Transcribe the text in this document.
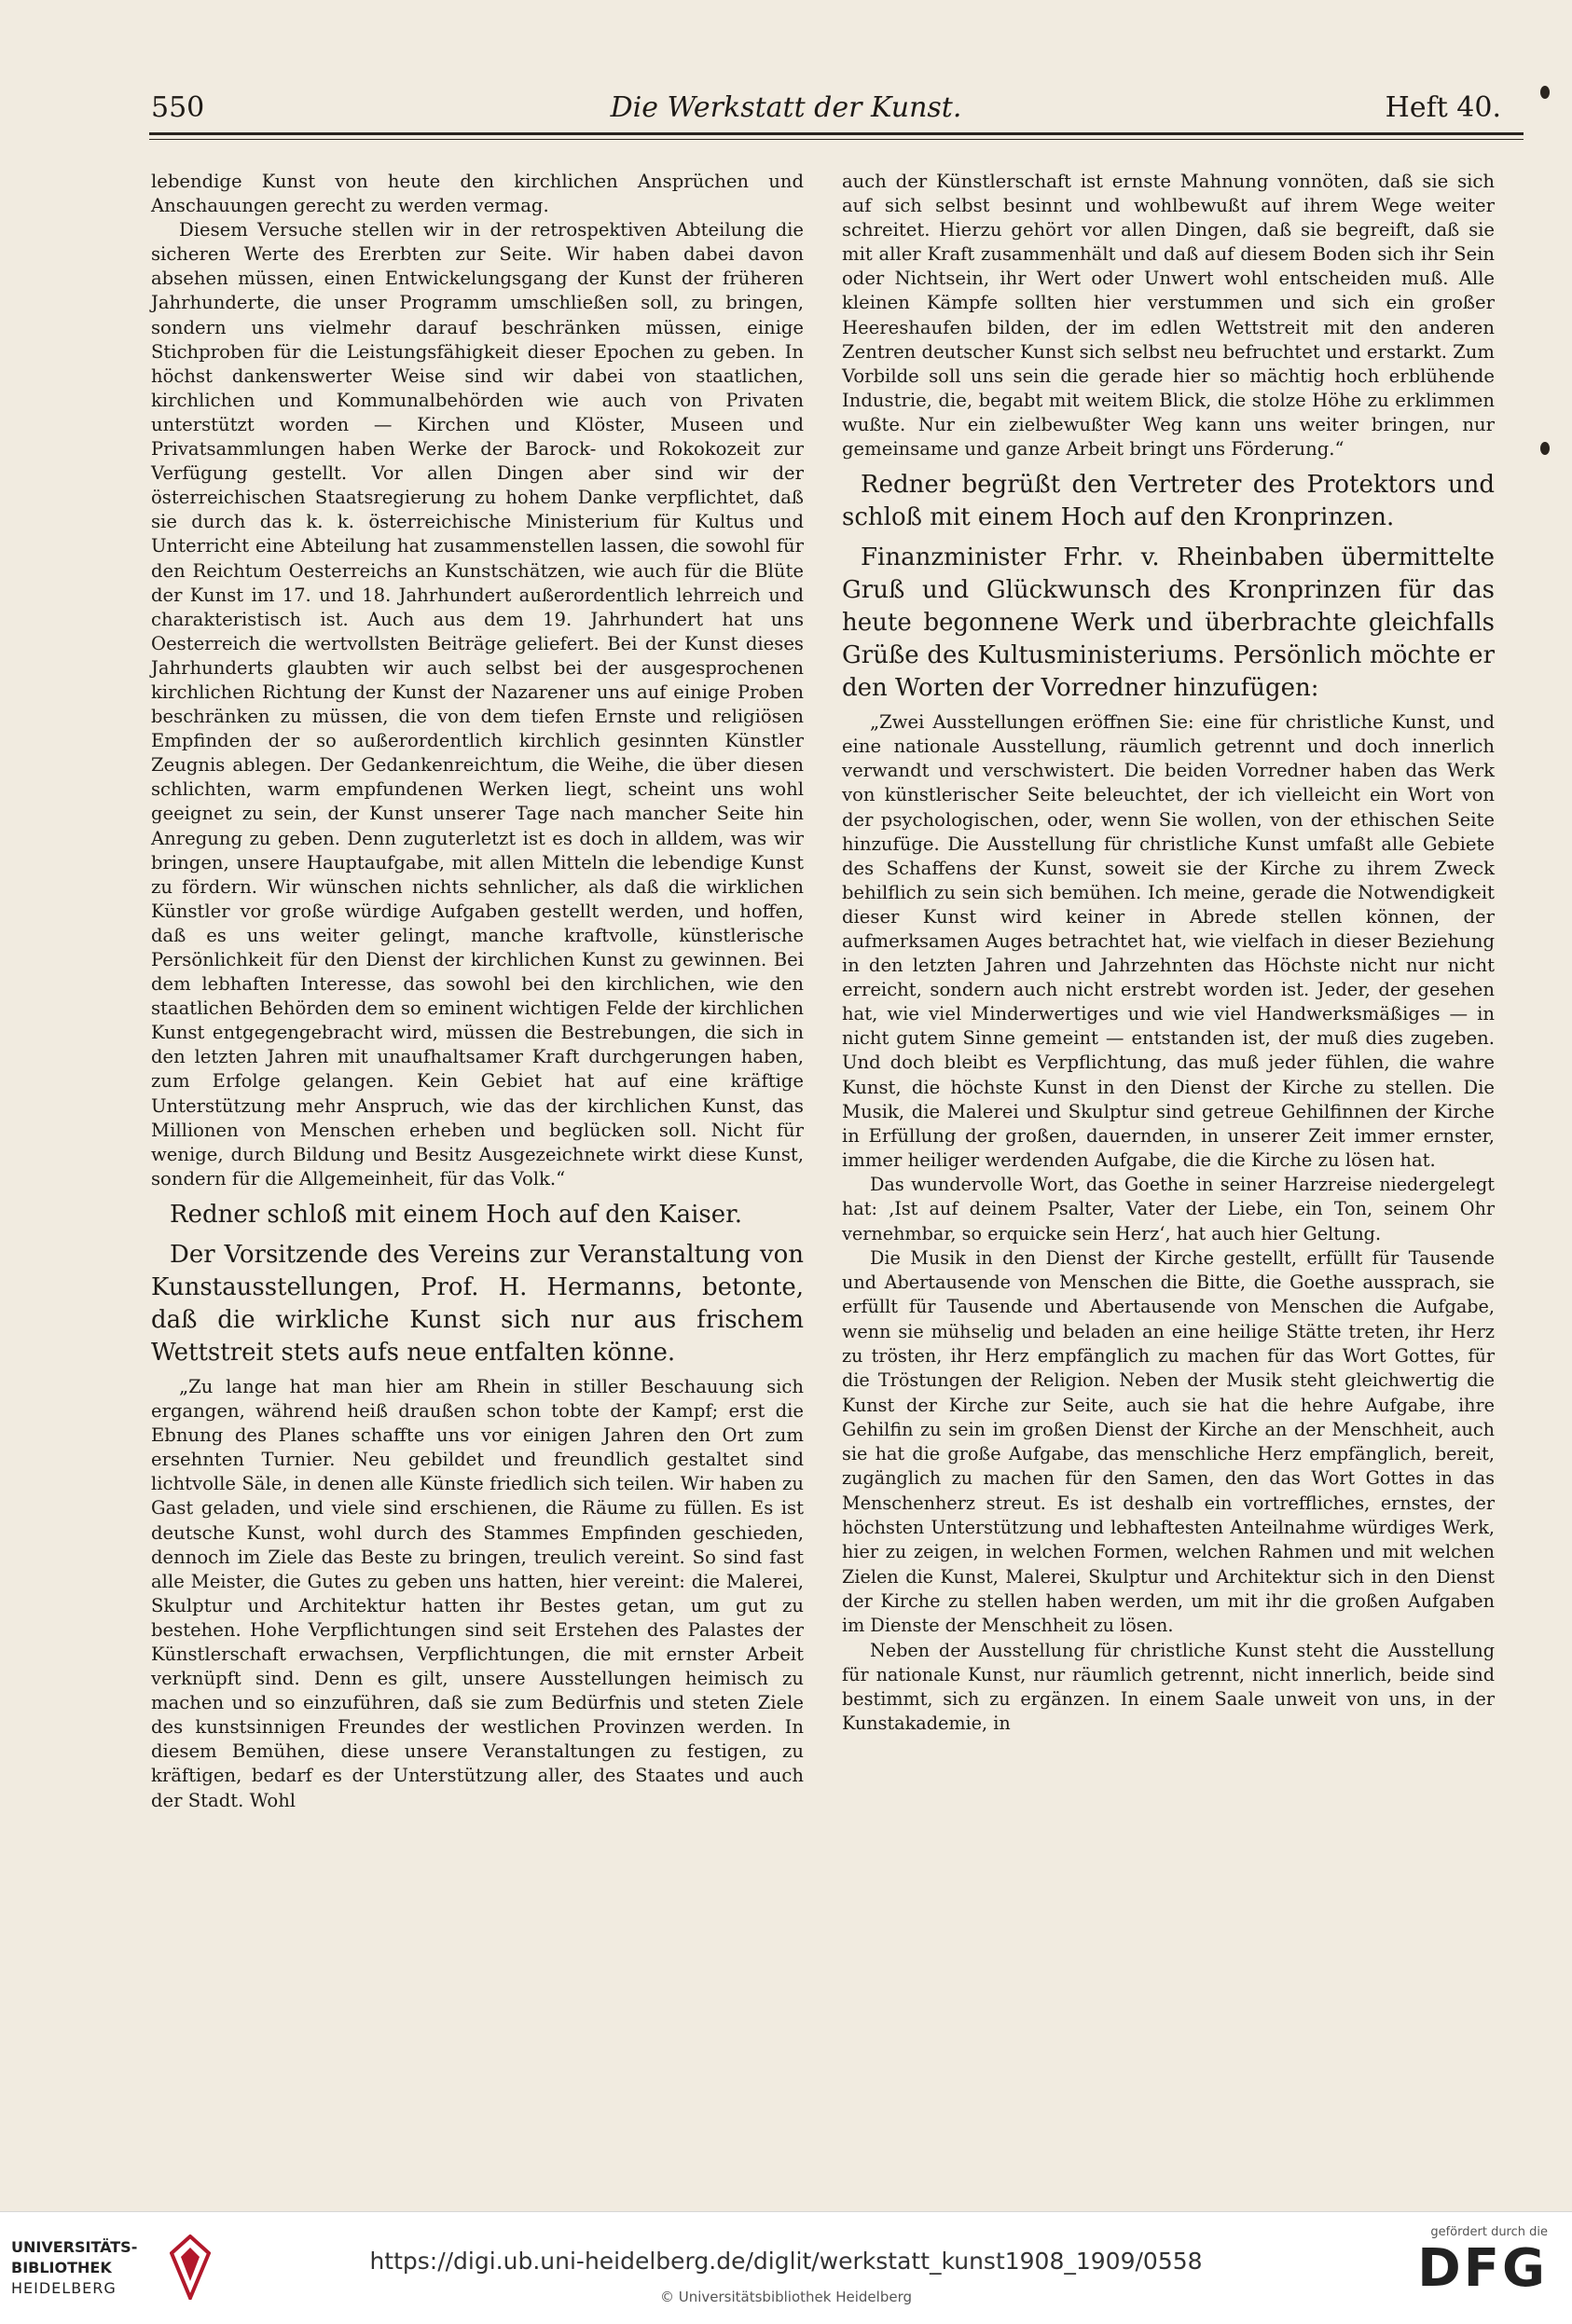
550	Die Werkstatt der Kunst.	Heft 40.

lebendige Kunst von heute den kirchlichen Ansprüchen und Anschauungen gerecht zu werden vermag.

Diesem Versuche stellen wir in der retrospektiven Abteilung die sicheren Werte des Ererbten zur Seite. Wir haben dabei davon absehen müssen, einen Entwickelungsgang der Kunst der früheren Jahrhunderte, die unser Programm umschließen soll, zu bringen, sondern uns vielmehr darauf beschränken müssen, einige Stichproben für die Leistungsfähigkeit dieser Epochen zu geben. In höchst dankenswerter Weise sind wir dabei von staatlichen, kirchlichen und Kommunalbehörden wie auch von Privaten unterstützt worden — Kirchen und Klöster, Museen und Privatsammlungen haben Werke der Barock- und Rokokozeit zur Verfügung gestellt. Vor allen Dingen aber sind wir der österreichischen Staatsregierung zu hohem Danke verpflichtet, daß sie durch das k. k. österreichische Ministerium für Kultus und Unterricht eine Abteilung hat zusammenstellen lassen, die sowohl für den Reichtum Oesterreichs an Kunstschätzen, wie auch für die Blüte der Kunst im 17. und 18. Jahrhundert außerordentlich lehrreich und charakteristisch ist. Auch aus dem 19. Jahrhundert hat uns Oesterreich die wertvollsten Beiträge geliefert. Bei der Kunst dieses Jahrhunderts glaubten wir auch selbst bei der ausgesprochenen kirchlichen Richtung der Kunst der Nazarener uns auf einige Proben beschränken zu müssen, die von dem tiefen Ernste und religiösen Empfinden der so außerordentlich kirchlich gesinnten Künstler Zeugnis ablegen. Der Gedankenreichtum, die Weihe, die über diesen schlichten, warm empfundenen Werken liegt, scheint uns wohl geeignet zu sein, der Kunst unserer Tage nach mancher Seite hin Anregung zu geben. Denn zuguterletzt ist es doch in alldem, was wir bringen, unsere Hauptaufgabe, mit allen Mitteln die lebendige Kunst zu fördern. Wir wünschen nichts sehnlicher, als daß die wirklichen Künstler vor große würdige Aufgaben gestellt werden, und hoffen, daß es uns weiter gelingt, manche kraftvolle, künstlerische Persönlichkeit für den Dienst der kirchlichen Kunst zu gewinnen. Bei dem lebhaften Interesse, das sowohl bei den kirchlichen, wie den staatlichen Behörden dem so eminent wichtigen Felde der kirchlichen Kunst entgegengebracht wird, müssen die Bestrebungen, die sich in den letzten Jahren mit unaufhaltsamer Kraft durchgerungen haben, zum Erfolge gelangen. Kein Gebiet hat auf eine kräftige Unterstützung mehr Anspruch, wie das der kirchlichen Kunst, das Millionen von Menschen erheben und beglücken soll. Nicht für wenige, durch Bildung und Besitz Ausgezeichnete wirkt diese Kunst, sondern für die Allgemeinheit, für das Volk.“

Redner schloß mit einem Hoch auf den Kaiser.

Der Vorsitzende des Vereins zur Veranstaltung von Kunstausstellungen, Prof. H. Hermanns, betonte, daß die wirkliche Kunst sich nur aus frischem Wettstreit stets aufs neue entfalten könne.

„Zu lange hat man hier am Rhein in stiller Beschauung sich ergangen, während heiß draußen schon tobte der Kampf; erst die Ebnung des Planes schaffte uns vor einigen Jahren den Ort zum ersehnten Turnier. Neu gebildet und freundlich gestaltet sind lichtvolle Säle, in denen alle Künste friedlich sich teilen. Wir haben zu Gast geladen, und viele sind erschienen, die Räume zu füllen. Es ist deutsche Kunst, wohl durch des Stammes Empfinden geschieden, dennoch im Ziele das Beste zu bringen, treulich vereint. So sind fast alle Meister, die Gutes zu geben uns hatten, hier vereint: die Malerei, Skulptur und Architektur hatten ihr Bestes getan, um gut zu bestehen. Hohe Verpflichtungen sind seit Erstehen des Palastes der Künstlerschaft erwachsen, Verpflichtungen, die mit ernster Arbeit verknüpft sind. Denn es gilt, unsere Ausstellungen heimisch zu machen und so einzuführen, daß sie zum Bedürfnis und steten Ziele des kunstsinnigen Freundes der westlichen Provinzen werden. In diesem Bemühen, diese unsere Veranstaltungen zu festigen, zu kräftigen, bedarf es der Unterstützung aller, des Staates und auch der Stadt. Wohl

auch der Künstlerschaft ist ernste Mahnung vonnöten, daß sie sich auf sich selbst besinnt und wohlbewußt auf ihrem Wege weiter schreitet. Hierzu gehört vor allen Dingen, daß sie begreift, daß sie mit aller Kraft zusammenhält und daß auf diesem Boden sich ihr Sein oder Nichtsein, ihr Wert oder Unwert wohl entscheiden muß. Alle kleinen Kämpfe sollten hier verstummen und sich ein großer Heereshaufen bilden, der im edlen Wettstreit mit den anderen Zentren deutscher Kunst sich selbst neu befruchtet und erstarkt. Zum Vorbilde soll uns sein die gerade hier so mächtig hoch erblühende Industrie, die, begabt mit weitem Blick, die stolze Höhe zu erklimmen wußte. Nur ein zielbewußter Weg kann uns weiter bringen, nur gemeinsame und ganze Arbeit bringt uns Förderung.“

Redner begrüßt den Vertreter des Protektors und schloß mit einem Hoch auf den Kronprinzen.

Finanzminister Frhr. v. Rheinbaben übermittelte Gruß und Glückwunsch des Kronprinzen für das heute begonnene Werk und überbrachte gleichfalls Grüße des Kultusministeriums. Persönlich möchte er den Worten der Vorredner hinzufügen:

„Zwei Ausstellungen eröffnen Sie: eine für christliche Kunst, und eine nationale Ausstellung, räumlich getrennt und doch innerlich verwandt und verschwistert. Die beiden Vorredner haben das Werk von künstlerischer Seite beleuchtet, der ich vielleicht ein Wort von der psychologischen, oder, wenn Sie wollen, von der ethischen Seite hinzufüge. Die Ausstellung für christliche Kunst umfaßt alle Gebiete des Schaffens der Kunst, soweit sie der Kirche zu ihrem Zweck behilflich zu sein sich bemühen. Ich meine, gerade die Notwendigkeit dieser Kunst wird keiner in Abrede stellen können, der aufmerksamen Auges betrachtet hat, wie vielfach in dieser Beziehung in den letzten Jahren und Jahrzehnten das Höchste nicht nur nicht erreicht, sondern auch nicht erstrebt worden ist. Jeder, der gesehen hat, wie viel Minderwertiges und wie viel Handwerksmäßiges — in nicht gutem Sinne gemeint — entstanden ist, der muß dies zugeben. Und doch bleibt es Verpflichtung, das muß jeder fühlen, die wahre Kunst, die höchste Kunst in den Dienst der Kirche zu stellen. Die Musik, die Malerei und Skulptur sind getreue Gehilfinnen der Kirche in Erfüllung der großen, dauernden, in unserer Zeit immer ernster, immer heiliger werdenden Aufgabe, die die Kirche zu lösen hat.

Das wundervolle Wort, das Goethe in seiner Harzreise niedergelegt hat: ‚Ist auf deinem Psalter, Vater der Liebe, ein Ton, seinem Ohr vernehmbar, so erquicke sein Herz‘, hat auch hier Geltung.

Die Musik in den Dienst der Kirche gestellt, erfüllt für Tausende und Abertausende von Menschen die Bitte, die Goethe aussprach, sie erfüllt für Tausende und Abertausende von Menschen die Aufgabe, wenn sie mühselig und beladen an eine heilige Stätte treten, ihr Herz zu trösten, ihr Herz empfänglich zu machen für das Wort Gottes, für die Tröstungen der Religion. Neben der Musik steht gleichwertig die Kunst der Kirche zur Seite, auch sie hat die hehre Aufgabe, ihre Gehilfin zu sein im großen Dienst der Kirche an der Menschheit, auch sie hat die große Aufgabe, das menschliche Herz empfänglich, bereit, zugänglich zu machen für den Samen, den das Wort Gottes in das Menschenherz streut. Es ist deshalb ein vortreffliches, ernstes, der höchsten Unterstützung und lebhaftesten Anteilnahme würdiges Werk, hier zu zeigen, in welchen Formen, welchen Rahmen und mit welchen Zielen die Kunst, Malerei, Skulptur und Architektur sich in den Dienst der Kirche zu stellen haben werden, um mit ihr die großen Aufgaben im Dienste der Menschheit zu lösen.

Neben der Ausstellung für christliche Kunst steht die Ausstellung für nationale Kunst, nur räumlich getrennt, nicht innerlich, beide sind bestimmt, sich zu ergänzen. In einem Saale unweit von uns, in der Kunstakademie, in

UNIVERSITÄTS-
BIBLIOTHEK
HEIDELBERG
https://digi.ub.uni-heidelberg.de/diglit/werkstatt_kunst1908_1909/0558
© Universitätsbibliothek Heidelberg
gefördert durch die
DFG
